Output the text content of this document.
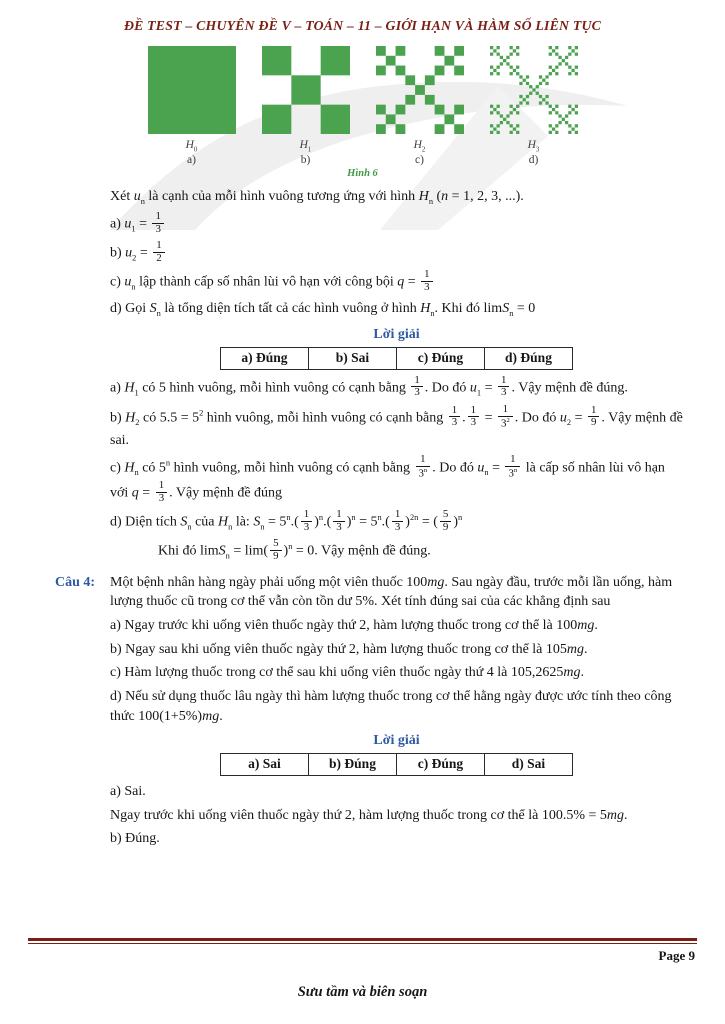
ĐỀ TEST – CHUYÊN ĐỀ V – TOÁN – 11 – GIỚI HẠN VÀ HÀM SỐ LIÊN TỤC
$H_0$
a)
$H_1$
b)
$H_2$
c)
$H_3$
d)
Hình 6
Xét $u_n$ là cạnh của mỗi hình vuông tương ứng với hình $H_n$ (n = 1, 2, 3, ...).
a) $u_1 = \frac{1}{3}$
b) $u_2 = \frac{1}{2}$
c) $u_n$ lập thành cấp số nhân lùi vô hạn với công bội $q = \frac{1}{3}$
d) Gọi $S_n$ là tổng diện tích tất cả các hình vuông ở hình $H_n$. Khi đó limS$_n$ = 0
Lời giải
a) Đúng	b) Sai	c) Đúng	d) Đúng
a) $H_1$ có 5 hình vuông, mỗi hình vuông có cạnh bằng $\frac{1}{3}$ . Do đó $u_1 = \frac{1}{3}$ . Vậy mệnh đề đúng.
b) $H_2$ có $5.5 = 5^2$ hình vuông, mỗi hình vuông có cạnh bằng $\frac{1}{3}$ . $\frac{1}{3} = \frac{1}{3^2}$ . Do đó $u_2 = \frac{1}{9}$ . Vậy mệnh đề sai.
c) $H_n$ có 5$^n$ hình vuông, mỗi hình vuông có cạnh bằng $\frac{1}{3^n}$ . Do đó $u_n = \frac{1}{3^n}$ là cấp số nhân lùi vô hạn với $q = \frac{1}{3}$ . Vậy mệnh đề đúng
d) Diện tích $S_n$ của $H_n$ là: $S_n = 5^n.( \frac{1}{3} )^n.( \frac{1}{3} )^n = 5^n.( \frac{1}{3} )^{2n}$ = ( $\frac{5}{9} )^n$
Khi đó $\lim S_n = \lim( \frac{5}{9} )^n = 0$. Vậy mệnh đề đúng.
Câu 4:	Một bệnh nhân hàng ngày phải uống một viên thuốc 100mg. Sau ngày đầu, trước mỗi lần uống, hàm lượng thuốc cũ trong cơ thể vẫn còn tồn dư 5%. Xét tính đúng sai của các khẳng định sau
a) Ngay trước khi uống viên thuốc ngày thứ 2, hàm lượng thuốc trong cơ thể là 100mg.
b) Ngay sau khi uống viên thuốc ngày thứ 2, hàm lượng thuốc trong cơ thể là 105mg.
c) Hàm lượng thuốc trong cơ thể sau khi uống viên thuốc ngày thứ 4 là 105,2625mg.
d) Nếu sử dụng thuốc lâu ngày thì hàm lượng thuốc trong cơ thể hằng ngày được ước tính theo công thức 100(1+5%)mg.
Lời giải
a) Sai	b) Đúng	c) Đúng	d) Sai
a) Sai.
Ngay trước khi uống viên thuốc ngày thứ 2, hàm lượng thuốc trong cơ thể là 100.5% = 5mg.
b) Đúng.
Page 9
Sưu tầm và biên soạn
